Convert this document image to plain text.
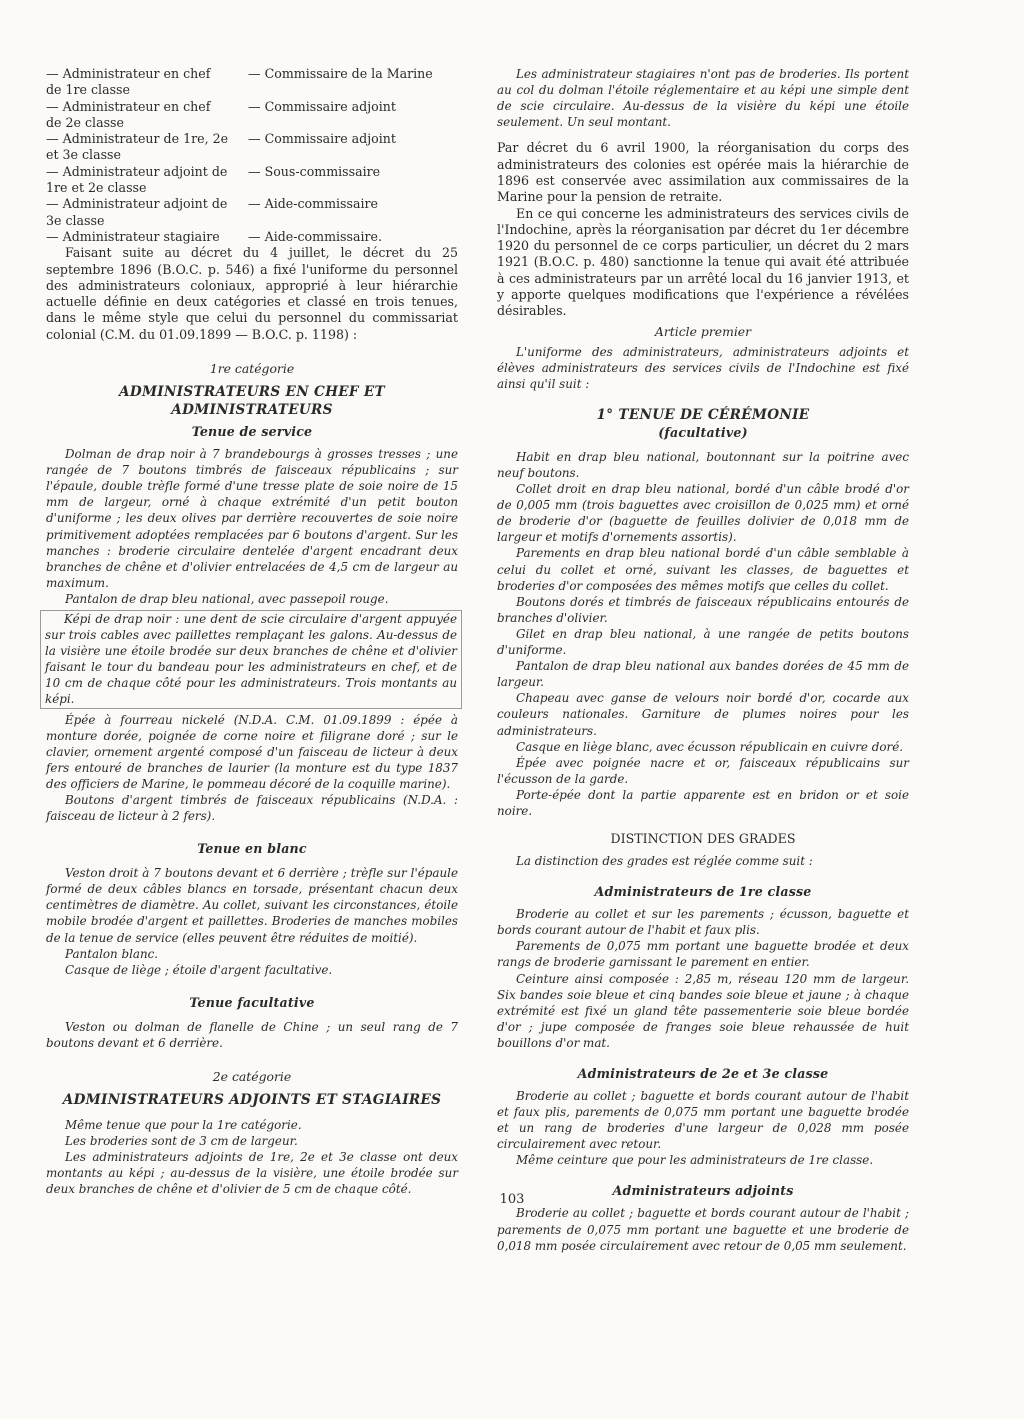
— Administrateur en chef	— Commissaire de la Marine
de 1re classe
— Administrateur en chef	— Commissaire adjoint
de 2e classe
— Administrateur de 1re, 2e	— Commissaire adjoint
et 3e classe
— Administrateur adjoint de	— Sous-commissaire
1re et 2e classe
— Administrateur adjoint de	— Aide-commissaire
3e classe
— Administrateur stagiaire	— Aide-commissaire.

Faisant suite au décret du 4 juillet, le décret du 25 septembre 1896 (B.O.C. p. 546) a fixé l'uniforme du personnel des administrateurs coloniaux, approprié à leur hiérarchie actuelle définie en deux catégories et classé en trois tenues, dans le même style que celui du personnel du commissariat colonial (C.M. du 01.09.1899 — B.O.C. p. 1198) :

1re catégorie

ADMINISTRATEURS EN CHEF ET ADMINISTRATEURS

Tenue de service

Dolman de drap noir à 7 brandebourgs à grosses tresses ; une rangée de 7 boutons timbrés de faisceaux républicains ; sur l'épaule, double trèfle formé d'une tresse plate de soie noire de 15 mm de largeur, orné à chaque extrémité d'un petit bouton d'uniforme ; les deux olives par derrière recouvertes de soie noire primitivement adoptées remplacées par 6 boutons d'argent. Sur les manches : broderie circulaire dentelée d'argent encadrant deux branches de chêne et d'olivier entrelacées de 4,5 cm de largeur au maximum.

Pantalon de drap bleu national, avec passepoil rouge.

Képi de drap noir : une dent de scie circulaire d'argent appuyée sur trois cables avec paillettes remplaçant les galons. Au-dessus de la visière une étoile brodée sur deux branches de chêne et d'olivier faisant le tour du bandeau pour les administrateurs en chef, et de 10 cm de chaque côté pour les administrateurs. Trois montants au képi.

Épée à fourreau nickelé (N.D.A. C.M. 01.09.1899 : épée à monture dorée, poignée de corne noire et filigrane doré ; sur le clavier, ornement argenté composé d'un faisceau de licteur à deux fers entouré de branches de laurier (la monture est du type 1837 des officiers de Marine, le pommeau décoré de la coquille marine).

Boutons d'argent timbrés de faisceaux républicains (N.D.A. : faisceau de licteur à 2 fers).

Tenue en blanc

Veston droit à 7 boutons devant et 6 derrière ; trèfle sur l'épaule formé de deux câbles blancs en torsade, présentant chacun deux centimètres de diamètre. Au collet, suivant les circonstances, étoile mobile brodée d'argent et paillettes. Broderies de manches mobiles de la tenue de service (elles peuvent être réduites de moitié).

Pantalon blanc.

Casque de liège ; étoile d'argent facultative.

Tenue facultative

Veston ou dolman de flanelle de Chine ; un seul rang de 7 boutons devant et 6 derrière.

2e catégorie

ADMINISTRATEURS ADJOINTS ET STAGIAIRES

Même tenue que pour la 1re catégorie.

Les broderies sont de 3 cm de largeur.

Les administrateurs adjoints de 1re, 2e et 3e classe ont deux montants au képi ; au-dessus de la visière, une étoile brodée sur deux branches de chêne et d'olivier de 5 cm de chaque côté.

Les administrateur stagiaires n'ont pas de broderies. Ils portent au col du dolman l'étoile réglementaire et au képi une simple dent de scie circulaire. Au-dessus de la visière du képi une étoile seulement. Un seul montant.

Par décret du 6 avril 1900, la réorganisation du corps des administrateurs des colonies est opérée mais la hiérarchie de 1896 est conservée avec assimilation aux commissaires de la Marine pour la pension de retraite.

En ce qui concerne les administrateurs des services civils de l'Indochine, après la réorganisation par décret du 1er décembre 1920 du personnel de ce corps particulier, un décret du 2 mars 1921 (B.O.C. p. 480) sanctionne la tenue qui avait été attribuée à ces administrateurs par un arrêté local du 16 janvier 1913, et y apporte quelques modifications que l'expérience a révélées désirables.

Article premier

L'uniforme des administrateurs, administrateurs adjoints et élèves administrateurs des services civils de l'Indochine est fixé ainsi qu'il suit :

1° TENUE DE CÉRÉMONIE

(facultative)

Habit en drap bleu national, boutonnant sur la poitrine avec neuf boutons.

Collet droit en drap bleu national, bordé d'un câble brodé d'or de 0,005 mm (trois baguettes avec croisillon de 0,025 mm) et orné de broderie d'or (baguette de feuilles dolivier de 0,018 mm de largeur et motifs d'ornements assortis).

Parements en drap bleu national bordé d'un câble semblable à celui du collet et orné, suivant les classes, de baguettes et broderies d'or composées des mêmes motifs que celles du collet.

Boutons dorés et timbrés de faisceaux républicains entourés de branches d'olivier.

Gilet en drap bleu national, à une rangée de petits boutons d'uniforme.

Pantalon de drap bleu national aux bandes dorées de 45 mm de largeur.

Chapeau avec ganse de velours noir bordé d'or, cocarde aux couleurs nationales. Garniture de plumes noires pour les administrateurs.

Casque en liège blanc, avec écusson républicain en cuivre doré.

Épée avec poignée nacre et or, faisceaux républicains sur l'écusson de la garde.

Porte-épée dont la partie apparente est en bridon or et soie noire.

DISTINCTION DES GRADES

La distinction des grades est réglée comme suit :

Administrateurs de 1re classe

Broderie au collet et sur les parements ; écusson, baguette et bords courant autour de l'habit et faux plis.

Parements de 0,075 mm portant une baguette brodée et deux rangs de broderie garnissant le parement en entier.

Ceinture ainsi composée : 2,85 m, réseau 120 mm de largeur. Six bandes soie bleue et cinq bandes soie bleue et jaune ; à chaque extrémité est fixé un gland tête passementerie soie bleue bordée d'or ; jupe composée de franges soie bleue rehaussée de huit bouillons d'or mat.

Administrateurs de 2e et 3e classe

Broderie au collet ; baguette et bords courant autour de l'habit et faux plis, parements de 0,075 mm portant une baguette brodée et un rang de broderies d'une largeur de 0,028 mm posée circulairement avec retour.

Même ceinture que pour les administrateurs de 1re classe.

Administrateurs adjoints

Broderie au collet ; baguette et bords courant autour de l'habit ; parements de 0,075 mm portant une baguette et une broderie de 0,018 mm posée circulairement avec retour de 0,05 mm seulement.

103
